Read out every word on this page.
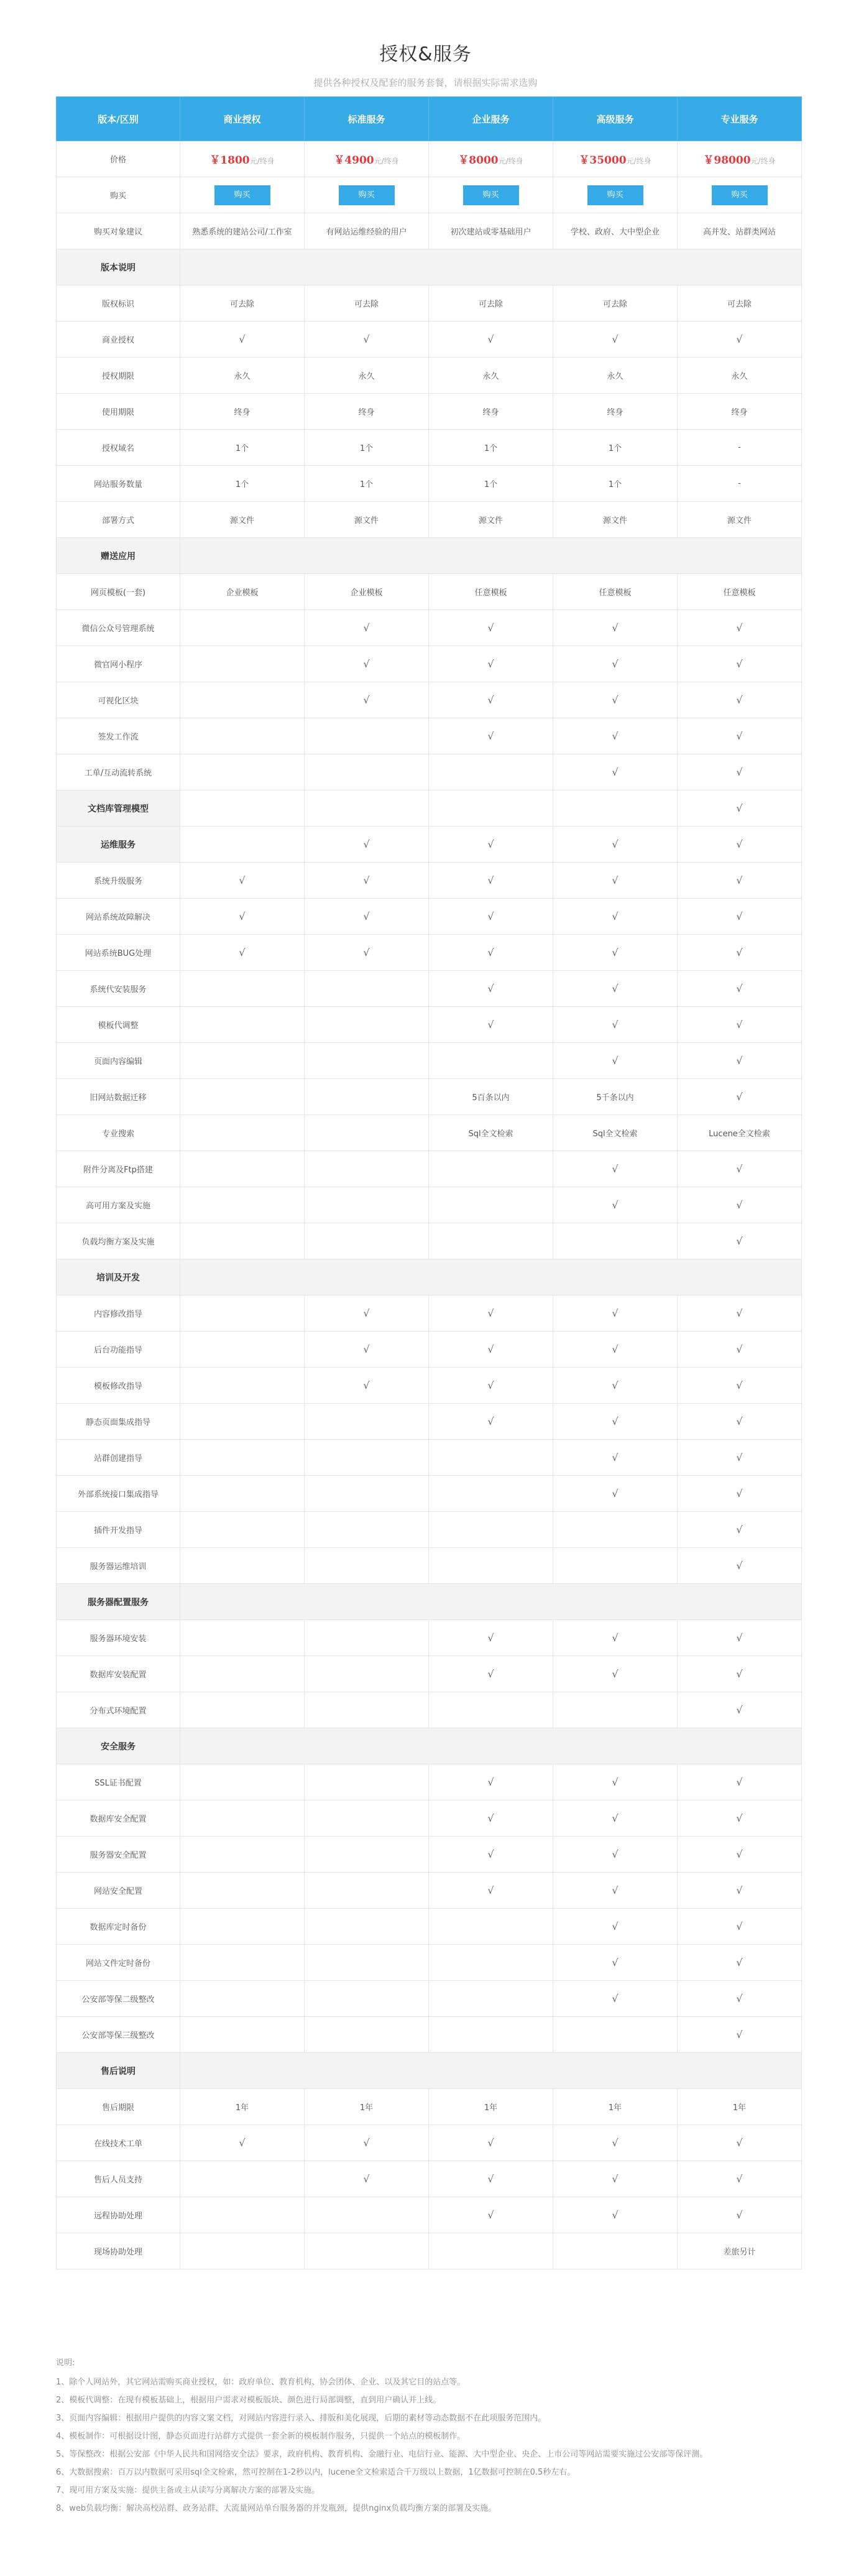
授权&服务
提供各种授权及配套的服务套餐，请根据实际需求选购
版本/区别	商业授权	标准服务	企业服务	高级服务	专业服务
价格	￥1800元/终身	￥4900元/终身	￥8000元/终身	￥35000元/终身	￥98000元/终身
购买	购买	购买	购买	购买	购买
购买对象建议	熟悉系统的建站公司/工作室	有网站运维经验的用户	初次建站或零基础用户	学校、政府、大中型企业	高并发、站群类网站
版本说明					
版权标识	可去除	可去除	可去除	可去除	可去除
商业授权	√	√	√	√	√
授权期限	永久	永久	永久	永久	永久
使用期限	终身	终身	终身	终身	终身
授权域名	1个	1个	1个	1个	-
网站服务数量	1个	1个	1个	1个	-
部署方式	源文件	源文件	源文件	源文件	源文件
赠送应用					
网页模板(一套)	企业模板	企业模板	任意模板	任意模板	任意模板
微信公众号管理系统		√	√	√	√
微官网小程序		√	√	√	√
可视化区块		√	√	√	√
签发工作流			√	√	√
工单/互动流转系统				√	√
文档库管理模型					√
运维服务		√	√	√	√
系统升级服务	√	√	√	√	√
网站系统故障解决	√	√	√	√	√
网站系统BUG处理	√	√	√	√	√
系统代安装服务			√	√	√
模板代调整			√	√	√
页面内容编辑				√	√
旧网站数据迁移			5百条以内	5千条以内	√
专业搜索			Sql全文检索	Sql全文检索	Lucene全文检索
附件分离及Ftp搭建				√	√
高可用方案及实施				√	√
负载均衡方案及实施					√
培训及开发					
内容修改指导		√	√	√	√
后台功能指导		√	√	√	√
模板修改指导		√	√	√	√
静态页面集成指导			√	√	√
站群创建指导				√	√
外部系统接口集成指导				√	√
插件开发指导					√
服务器运维培训					√
服务器配置服务					
服务器环境安装			√	√	√
数据库安装配置			√	√	√
分布式环境配置					√
安全服务					
SSL证书配置			√	√	√
数据库安全配置			√	√	√
服务器安全配置			√	√	√
网站安全配置			√	√	√
数据库定时备份				√	√
网站文件定时备份				√	√
公安部等保二级整改				√	√
公安部等保三级整改					√
售后说明					
售后期限	1年	1年	1年	1年	1年
在线技术工单	√	√	√	√	√
售后人员支持		√	√	√	√
远程协助处理			√	√	√
现场协助处理					差旅另计
说明:
1、除个人网站外，其它网站需购买商业授权，如：政府单位、教育机构、协会团体、企业、以及其它目的站点等。
2、模板代调整：在现有模板基础上，根据用户需求对模板版块、颜色进行局部调整，直到用户确认并上线。
3、页面内容编辑：根据用户提供的内容文案文档，对网站内容进行录入、排版和美化展现，后期的素材等动态数据不在此项服务范围内。
4、模板制作：可根据设计图，静态页面进行站群方式提供一套全新的模板制作服务，只提供一个站点的模板制作。
5、等保整改：根据公安部《中华人民共和国网络安全法》要求，政府机构、教育机构、金融行业、电信行业、能源、大中型企业、央企、上市公司等网站需要实施过公安部等保评测。
6、大数据搜索：百万以内数据可采用sql全文检索，然可控制在1-2秒以内，lucene全文检索适合千万级以上数据，1亿数据可控制在0.5秒左右。
7、现可用方案及实施：提供主备或主从读写分离解决方案的部署及实施。
8、web负载均衡：解决高校站群、政务站群、大流量网站单台服务器的并发瓶颈，提供nginx负载均衡方案的部署及实施。
